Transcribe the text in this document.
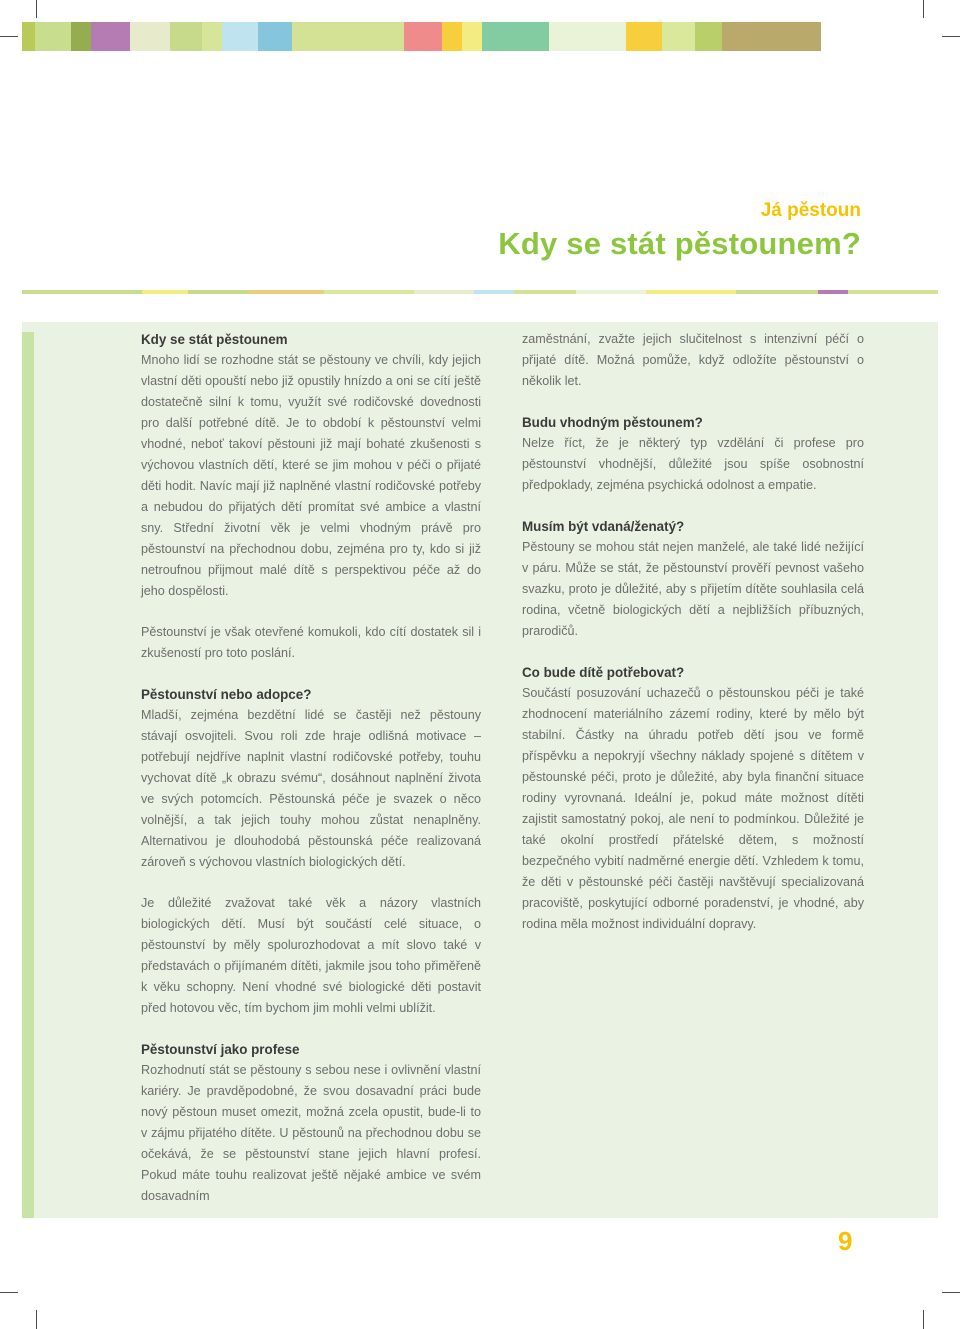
Já pěstoun
Kdy se stát pěstounem?
Kdy se stát pěstounem

Mnoho lidí se rozhodne stát se pěstouny ve chvíli, kdy jejich vlastní děti opouští nebo již opustily hnízdo a oni se cítí ještě dostatečně silní k tomu, využít své rodičovské dovednosti pro další potřebné dítě. Je to období k pěstounství velmi vhodné, neboť takoví pěstouni již mají bohaté zkušenosti s výchovou vlastních dětí, které se jim mohou v péči o přijaté děti hodit. Navíc mají již naplněné vlastní rodičovské potřeby a nebudou do přijatých dětí promítat své ambice a vlastní sny. Střední životní věk je velmi vhodným právě pro pěstounství na přechodnou dobu, zejména pro ty, kdo si již netroufnou přijmout malé dítě s perspektivou péče až do jeho dospělosti.

Pěstounství je však otevřené komukoli, kdo cítí dostatek sil i zkušeností pro toto poslání.

Pěstounství nebo adopce?

Mladší, zejména bezdětní lidé se častěji než pěstouny stávají osvojiteli. Svou roli zde hraje odlišná motivace – potřebují nejdříve naplnit vlastní rodičovské potřeby, touhu vychovat dítě „k obrazu svému“, dosáhnout naplnění života ve svých potomcích. Pěstounská péče je svazek o něco volnější, a tak jejich touhy mohou zůstat nenaplněny. Alternativou je dlouhodobá pěstounská péče realizovaná zároveň s výchovou vlastních biologických dětí.

Je důležité zvažovat také věk a názory vlastních biologických dětí. Musí být součástí celé situace, o pěstounství by měly spolurozhodovat a mít slovo také v představách o přijímaném dítěti, jakmile jsou toho přiměřeně k věku schopny. Není vhodné své biologické děti postavit před hotovou věc, tím bychom jim mohli velmi ublížit.

Pěstounství jako profese

Rozhodnutí stát se pěstouny s sebou nese i ovlivnění vlastní kariéry. Je pravděpodobné, že svou dosavadní práci bude nový pěstoun muset omezit, možná zcela opustit, bude-li to v zájmu přijatého dítěte. U pěstounů na přechodnou dobu se očekává, že se pěstounství stane jejich hlavní profesí. Pokud máte touhu realizovat ještě nějaké ambice ve svém dosavadním

zaměstnání, zvažte jejich slučitelnost s intenzivní péčí o přijaté dítě. Možná pomůže, když odložíte pěstounství o několik let.

Budu vhodným pěstounem?

Nelze říct, že je některý typ vzdělání či profese pro pěstounství vhodnější, důležité jsou spíše osobnostní předpoklady, zejména psychická odolnost a empatie.

Musím být vdaná/ženatý?

Pěstouny se mohou stát nejen manželé, ale také lidé nežijící v páru. Může se stát, že pěstounství prověří pevnost vašeho svazku, proto je důležité, aby s přijetím dítěte souhlasila celá rodina, včetně biologických dětí a nejbližších příbuzných, prarodičů.

Co bude dítě potřebovat?

Součástí posuzování uchazečů o pěstounskou péči je také zhodnocení materiálního zázemí rodiny, které by mělo být stabilní. Částky na úhradu potřeb dětí jsou ve formě příspěvku a nepokryjí všechny náklady spojené s dítětem v pěstounské péči, proto je důležité, aby byla finanční situace rodiny vyrovnaná. Ideální je, pokud máte možnost dítěti zajistit samostatný pokoj, ale není to podmínkou. Důležité je také okolní prostředí přátelské dětem, s možností bezpečného vybití nadměrné energie dětí. Vzhledem k tomu, že děti v pěstounské péči častěji navštěvují specializovaná pracoviště, poskytující odborné poradenství, je vhodné, aby rodina měla možnost individuální dopravy.

9
